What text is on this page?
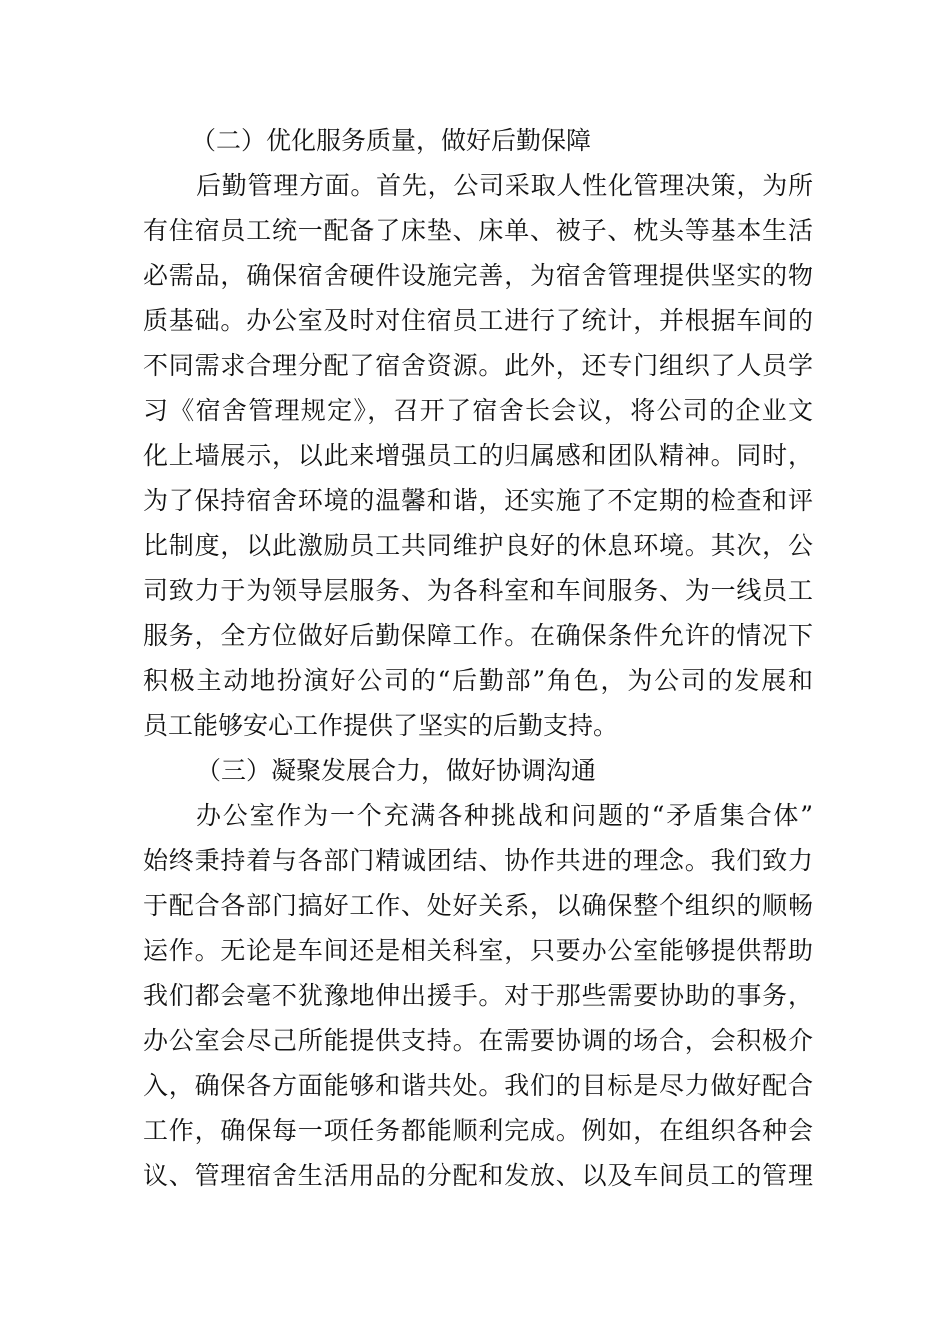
（二）优化服务质量，做好后勤保障
后勤管理方面。首先，公司采取人性化管理决策，为所
有住宿员工统一配备了床垫、床单、被子、枕头等基本生活
必需品，确保宿舍硬件设施完善，为宿舍管理提供坚实的物
质基础。办公室及时对住宿员工进行了统计，并根据车间的
不同需求合理分配了宿舍资源。此外，还专门组织了人员学
习《宿舍管理规定》，召开了宿舍长会议，将公司的企业文
化上墙展示，以此来增强员工的归属感和团队精神。同时，
为了保持宿舍环境的温馨和谐，还实施了不定期的检查和评
比制度，以此激励员工共同维护良好的休息环境。其次，公
司致力于为领导层服务、为各科室和车间服务、为一线员工
服务，全方位做好后勤保障工作。在确保条件允许的情况下
积极主动地扮演好公司的“后勤部”角色，为公司的发展和
员工能够安心工作提供了坚实的后勤支持。
（三）凝聚发展合力，做好协调沟通
办公室作为一个充满各种挑战和问题的“矛盾集合体”
始终秉持着与各部门精诚团结、协作共进的理念。我们致力
于配合各部门搞好工作、处好关系，以确保整个组织的顺畅
运作。无论是车间还是相关科室，只要办公室能够提供帮助
我们都会毫不犹豫地伸出援手。对于那些需要协助的事务，
办公室会尽己所能提供支持。在需要协调的场合，会积极介
入，确保各方面能够和谐共处。我们的目标是尽力做好配合
工作，确保每一项任务都能顺利完成。例如，在组织各种会
议、管理宿舍生活用品的分配和发放、以及车间员工的管理
